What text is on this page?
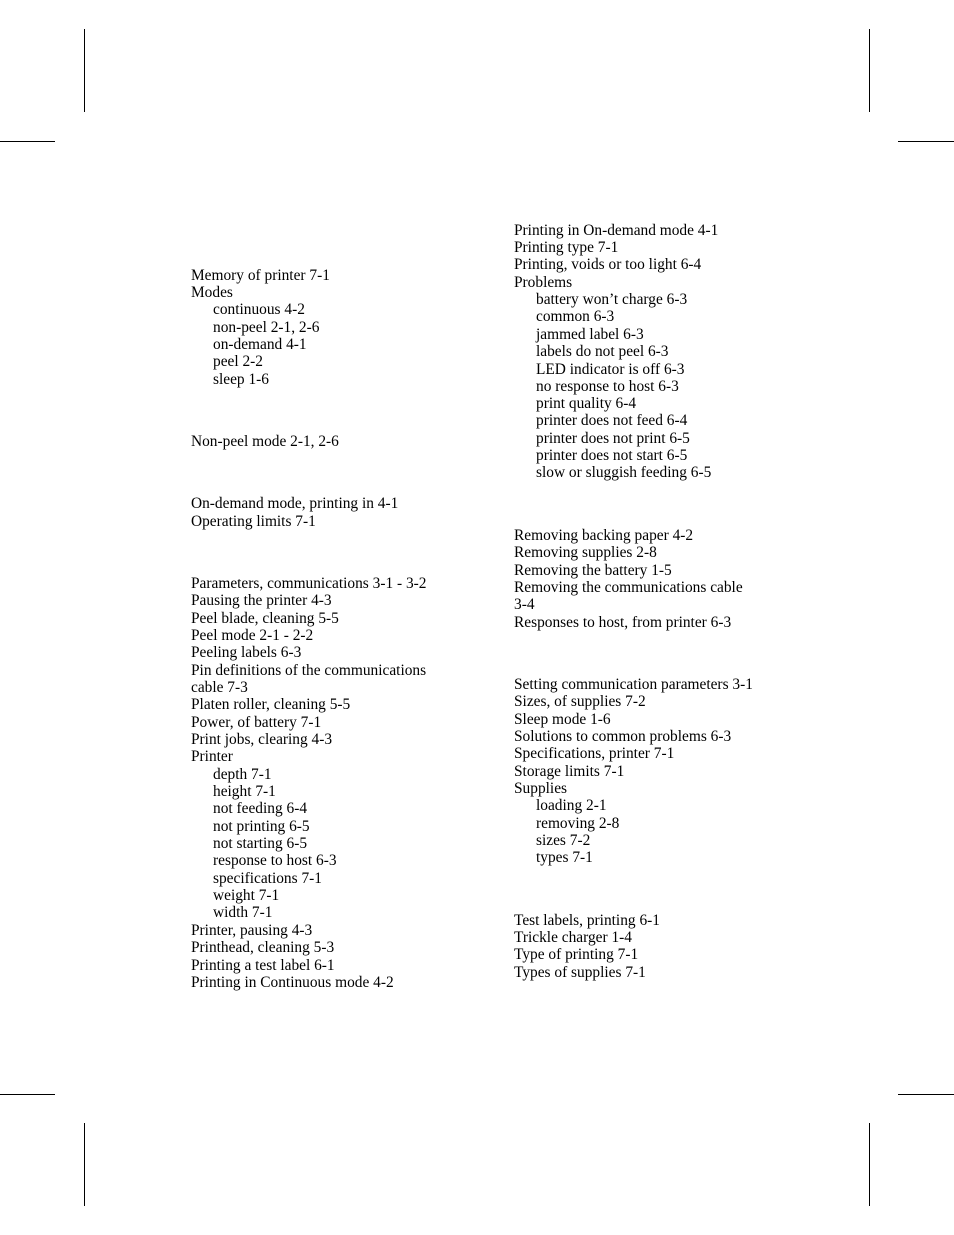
Memory of printer 7-1
Modes
continuous 4-2
non-peel 2-1, 2-6
on-demand 4-1
peel 2-2
sleep 1-6
Non-peel mode 2-1, 2-6
On-demand mode, printing in 4-1
Operating limits 7-1
Parameters, communications 3-1 - 3-2
Pausing the printer 4-3
Peel blade, cleaning 5-5
Peel mode 2-1 - 2-2
Peeling labels 6-3
Pin definitions of the communications
cable 7-3
Platen roller, cleaning 5-5
Power, of battery 7-1
Print jobs, clearing 4-3
Printer
depth 7-1
height 7-1
not feeding 6-4
not printing 6-5
not starting 6-5
response to host 6-3
specifications 7-1
weight 7-1
width 7-1
Printer, pausing 4-3
Printhead, cleaning 5-3
Printing a test label 6-1
Printing in Continuous mode 4-2
Printing in On-demand mode 4-1
Printing type 7-1
Printing, voids or too light 6-4
Problems
battery won’t charge 6-3
common 6-3
jammed label 6-3
labels do not peel 6-3
LED indicator is off 6-3
no response to host 6-3
print quality 6-4
printer does not feed 6-4
printer does not print 6-5
printer does not start 6-5
slow or sluggish feeding 6-5
Removing backing paper 4-2
Removing supplies 2-8
Removing the battery 1-5
Removing the communications cable
3-4
Responses to host, from printer 6-3
Setting communication parameters 3-1
Sizes, of supplies 7-2
Sleep mode 1-6
Solutions to common problems 6-3
Specifications, printer 7-1
Storage limits 7-1
Supplies
loading 2-1
removing 2-8
sizes 7-2
types 7-1
Test labels, printing 6-1
Trickle charger 1-4
Type of printing 7-1
Types of supplies 7-1
